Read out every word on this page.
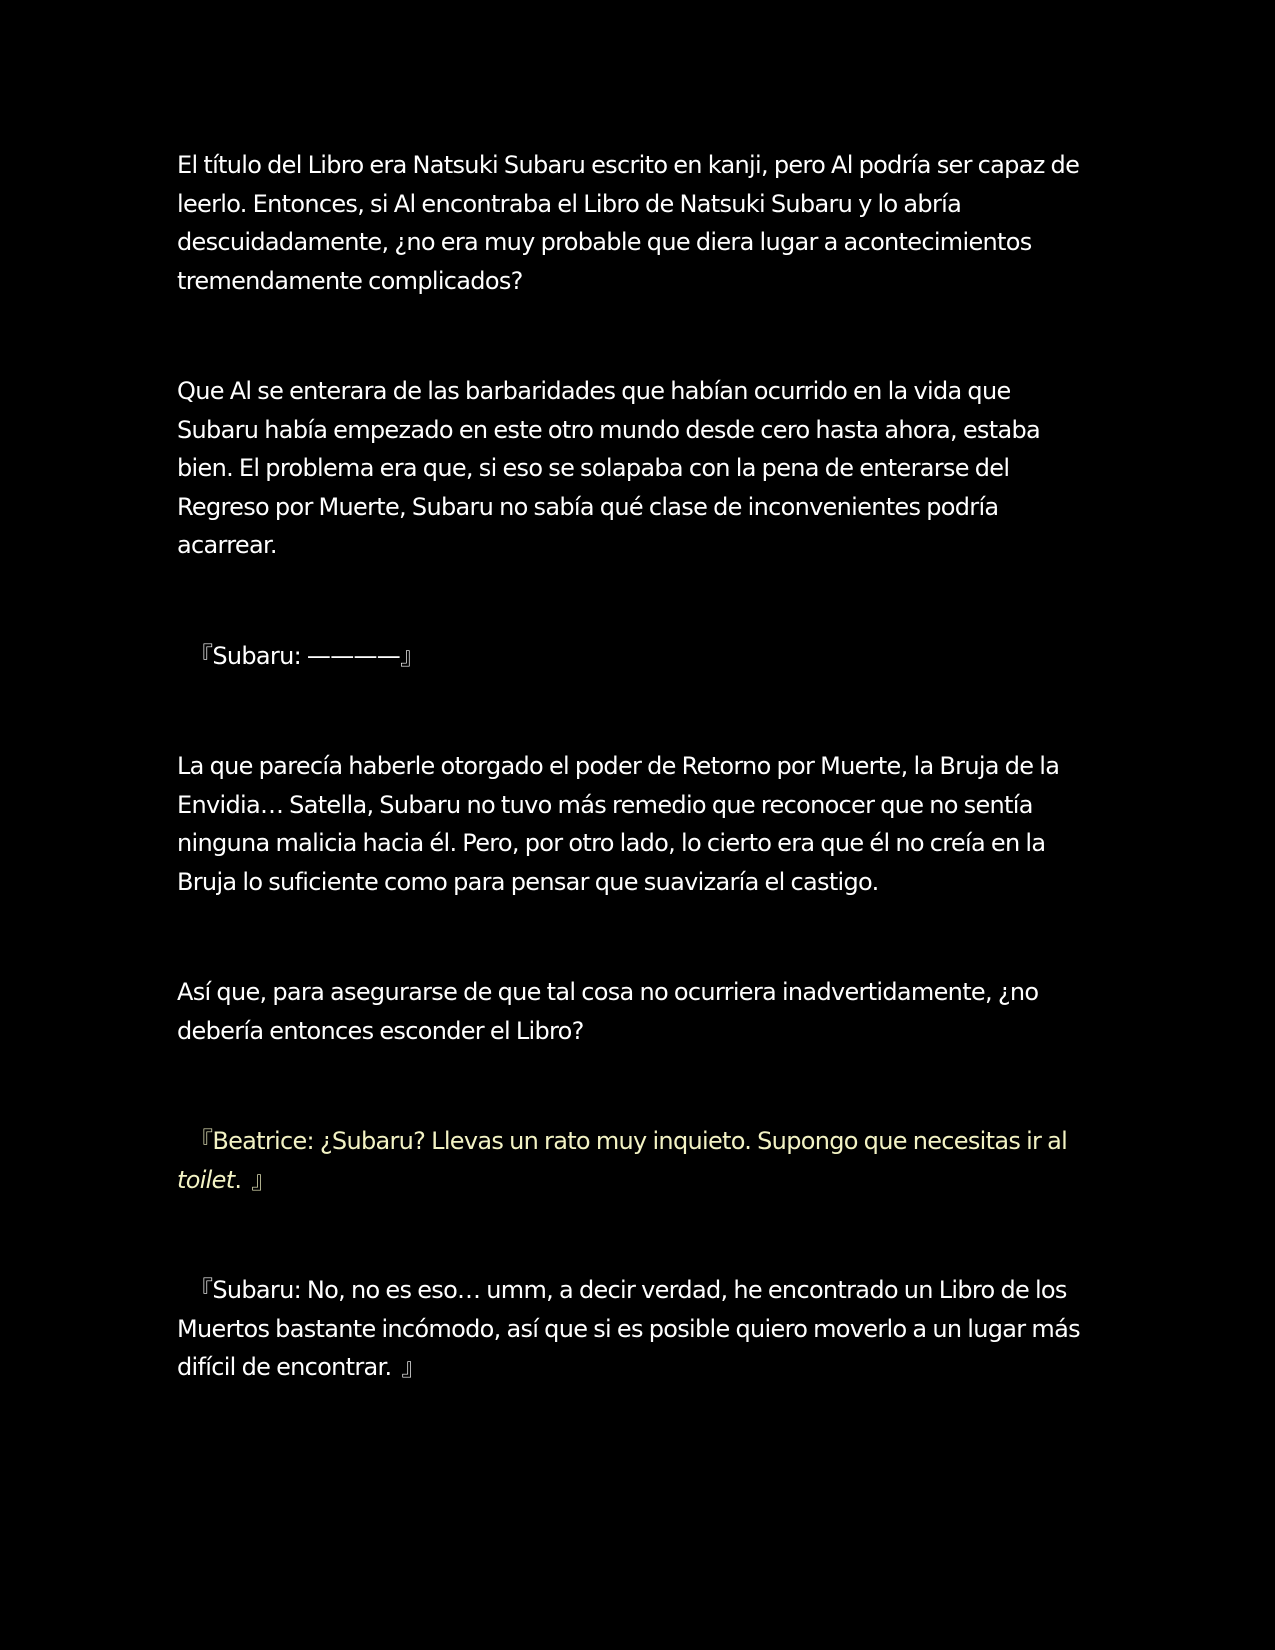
El título del Libro era Natsuki Subaru escrito en kanji, pero Al podría ser capaz de leerlo. Entonces, si Al encontraba el Libro de Natsuki Subaru y lo abría descuidadamente, ¿no era muy probable que diera lugar a acontecimientos tremendamente complicados?

Que Al se enterara de las barbaridades que habían ocurrido en la vida que Subaru había empezado en este otro mundo desde cero hasta ahora, estaba bien. El problema era que, si eso se solapaba con la pena de enterarse del Regreso por Muerte, Subaru no sabía qué clase de inconvenientes podría acarrear.

『Subaru: ————』

La que parecía haberle otorgado el poder de Retorno por Muerte, la Bruja de la Envidia… Satella, Subaru no tuvo más remedio que reconocer que no sentía ninguna malicia hacia él. Pero, por otro lado, lo cierto era que él no creía en la Bruja lo suficiente como para pensar que suavizaría el castigo.

Así que, para asegurarse de que tal cosa no ocurriera inadvertidamente, ¿no debería entonces esconder el Libro?

『Beatrice: ¿Subaru? Llevas un rato muy inquieto. Supongo que necesitas ir al toilet. 』

『Subaru: No, no es eso… umm, a decir verdad, he encontrado un Libro de los Muertos bastante incómodo, así que si es posible quiero moverlo a un lugar más difícil de encontrar. 』
